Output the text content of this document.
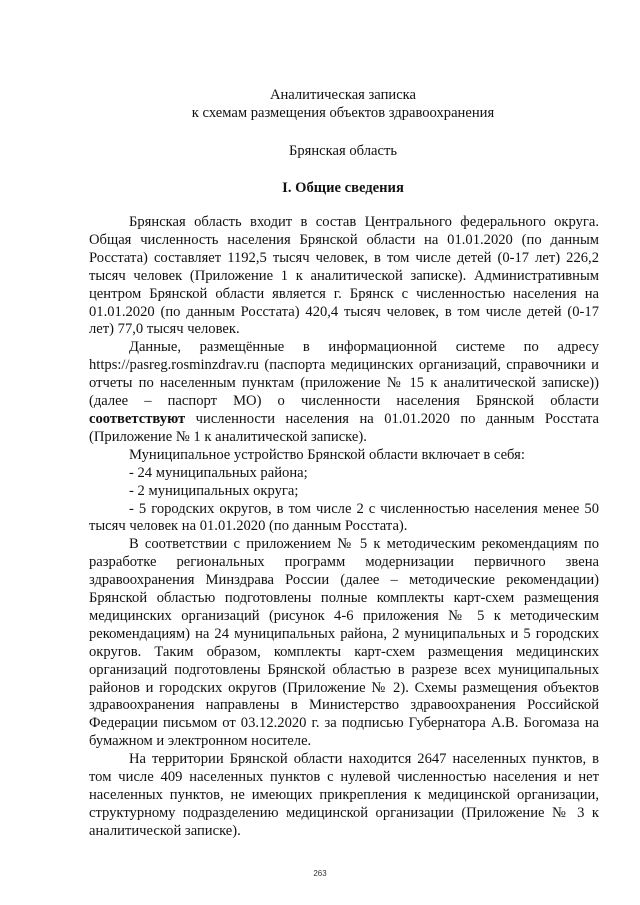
Аналитическая записка

к схемам размещения объектов здравоохранения

Брянская область

I. Общие сведения

Брянская область входит в состав Центрального федерального округа. Общая численность населения Брянской области на 01.01.2020 (по данным Росстата) составляет 1192,5 тысяч человек, в том числе детей (0-17 лет) 226,2 тысяч человек (Приложение 1 к аналитической записке). Административным центром Брянской области является г. Брянск с численностью населения на 01.01.2020 (по данным Росстата) 420,4 тысяч человек, в том числе детей (0-17 лет) 77,0 тысяч человек.

Данные, размещённые в информационной системе по адресу https://pasreg.rosminzdrav.ru (паспорта медицинских организаций, справочники и отчеты по населенным пунктам (приложение № 15 к аналитической записке)) (далее – паспорт МО) о численности населения Брянской области соответствуют численности населения на 01.01.2020 по данным Росстата (Приложение № 1 к аналитической записке).

Муниципальное устройство Брянской области включает в себя:

- 24 муниципальных района;

- 2 муниципальных округа;

- 5 городских округов, в том числе 2 с численностью населения менее 50 тысяч человек на 01.01.2020 (по данным Росстата).

В соответствии с приложением № 5 к методическим рекомендациям по разработке региональных программ модернизации первичного звена здравоохранения Минздрава России (далее – методические рекомендации) Брянской областью подготовлены полные комплекты карт-схем размещения медицинских организаций (рисунок 4-6 приложения № 5 к методическим рекомендациям) на 24 муниципальных района, 2 муниципальных и 5 городских округов. Таким образом, комплекты карт-схем размещения медицинских организаций подготовлены Брянской областью в разрезе всех муниципальных районов и городских округов (Приложение № 2). Схемы размещения объектов здравоохранения направлены в Министерство здравоохранения Российской Федерации письмом от 03.12.2020 г. за подписью Губернатора А.В. Богомаза на бумажном и электронном носителе.

На территории Брянской области находится 2647 населенных пунктов, в том числе 409 населенных пунктов с нулевой численностью населения и нет населенных пунктов, не имеющих прикрепления к медицинской организации, структурному подразделению медицинской организации (Приложение № 3 к аналитической записке).

263
